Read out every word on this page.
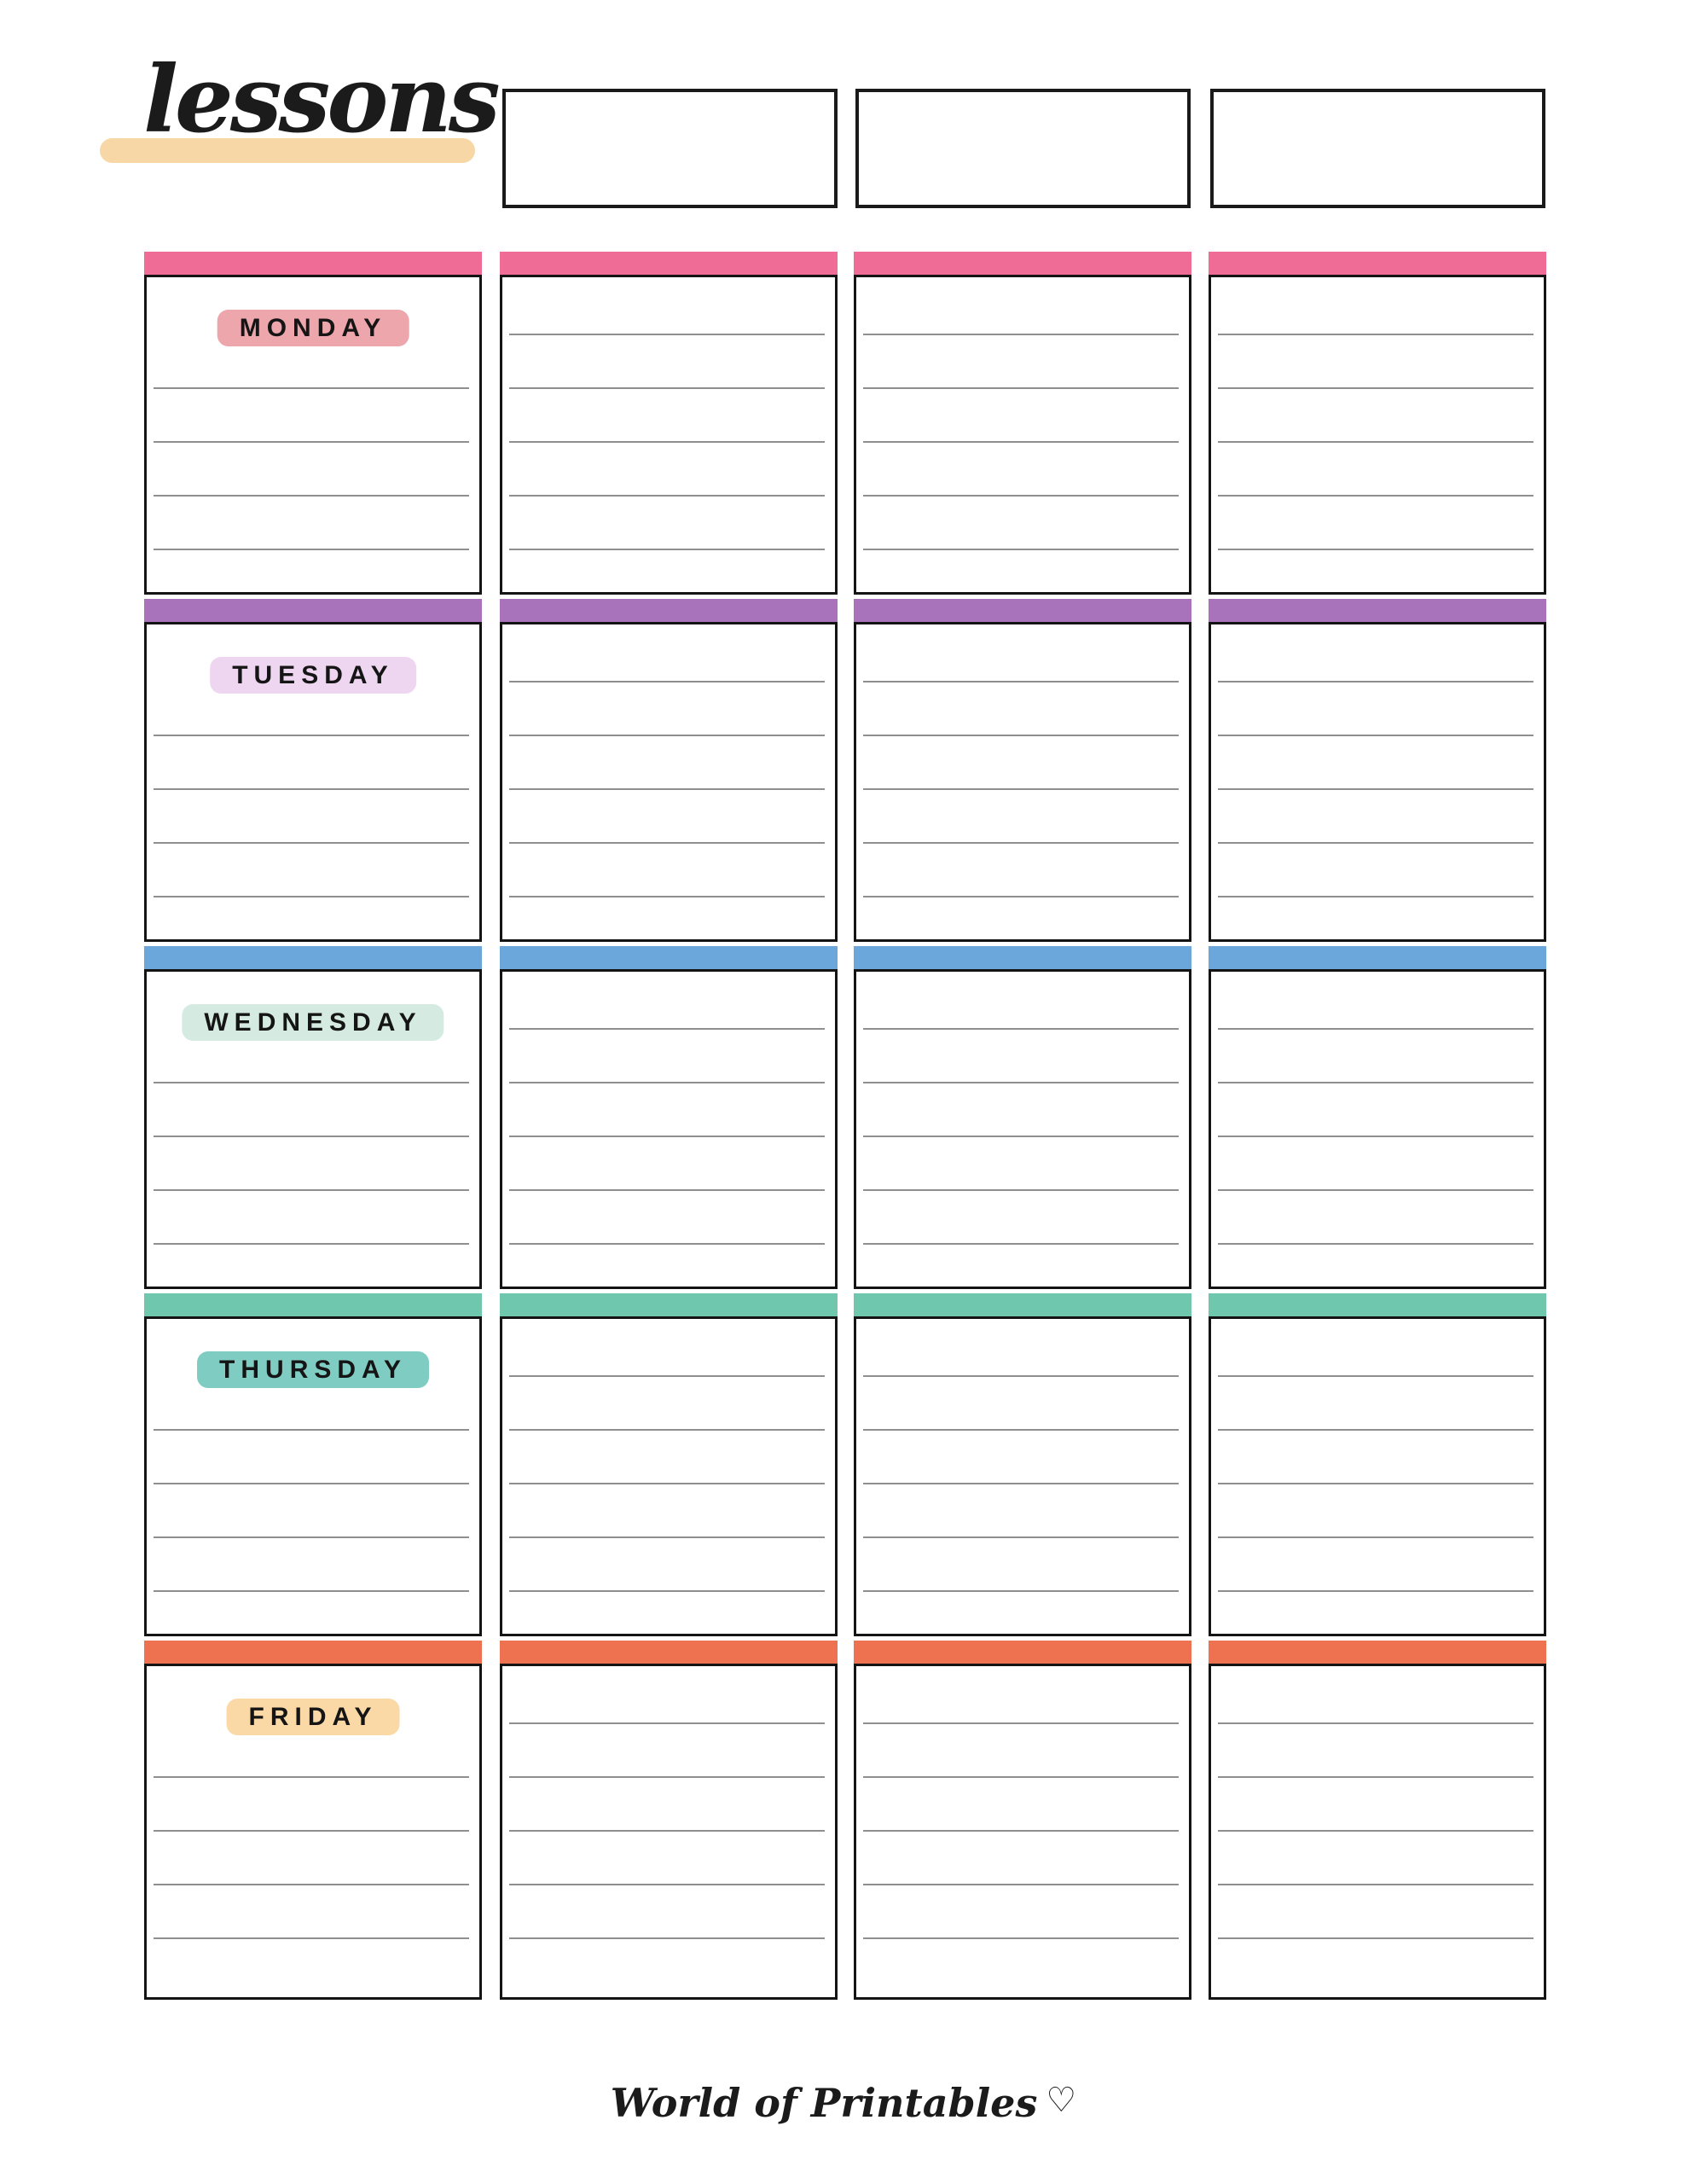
lessons
MONDAY
TUESDAY
WEDNESDAY
THURSDAY
FRIDAY
World of Printables ♡
